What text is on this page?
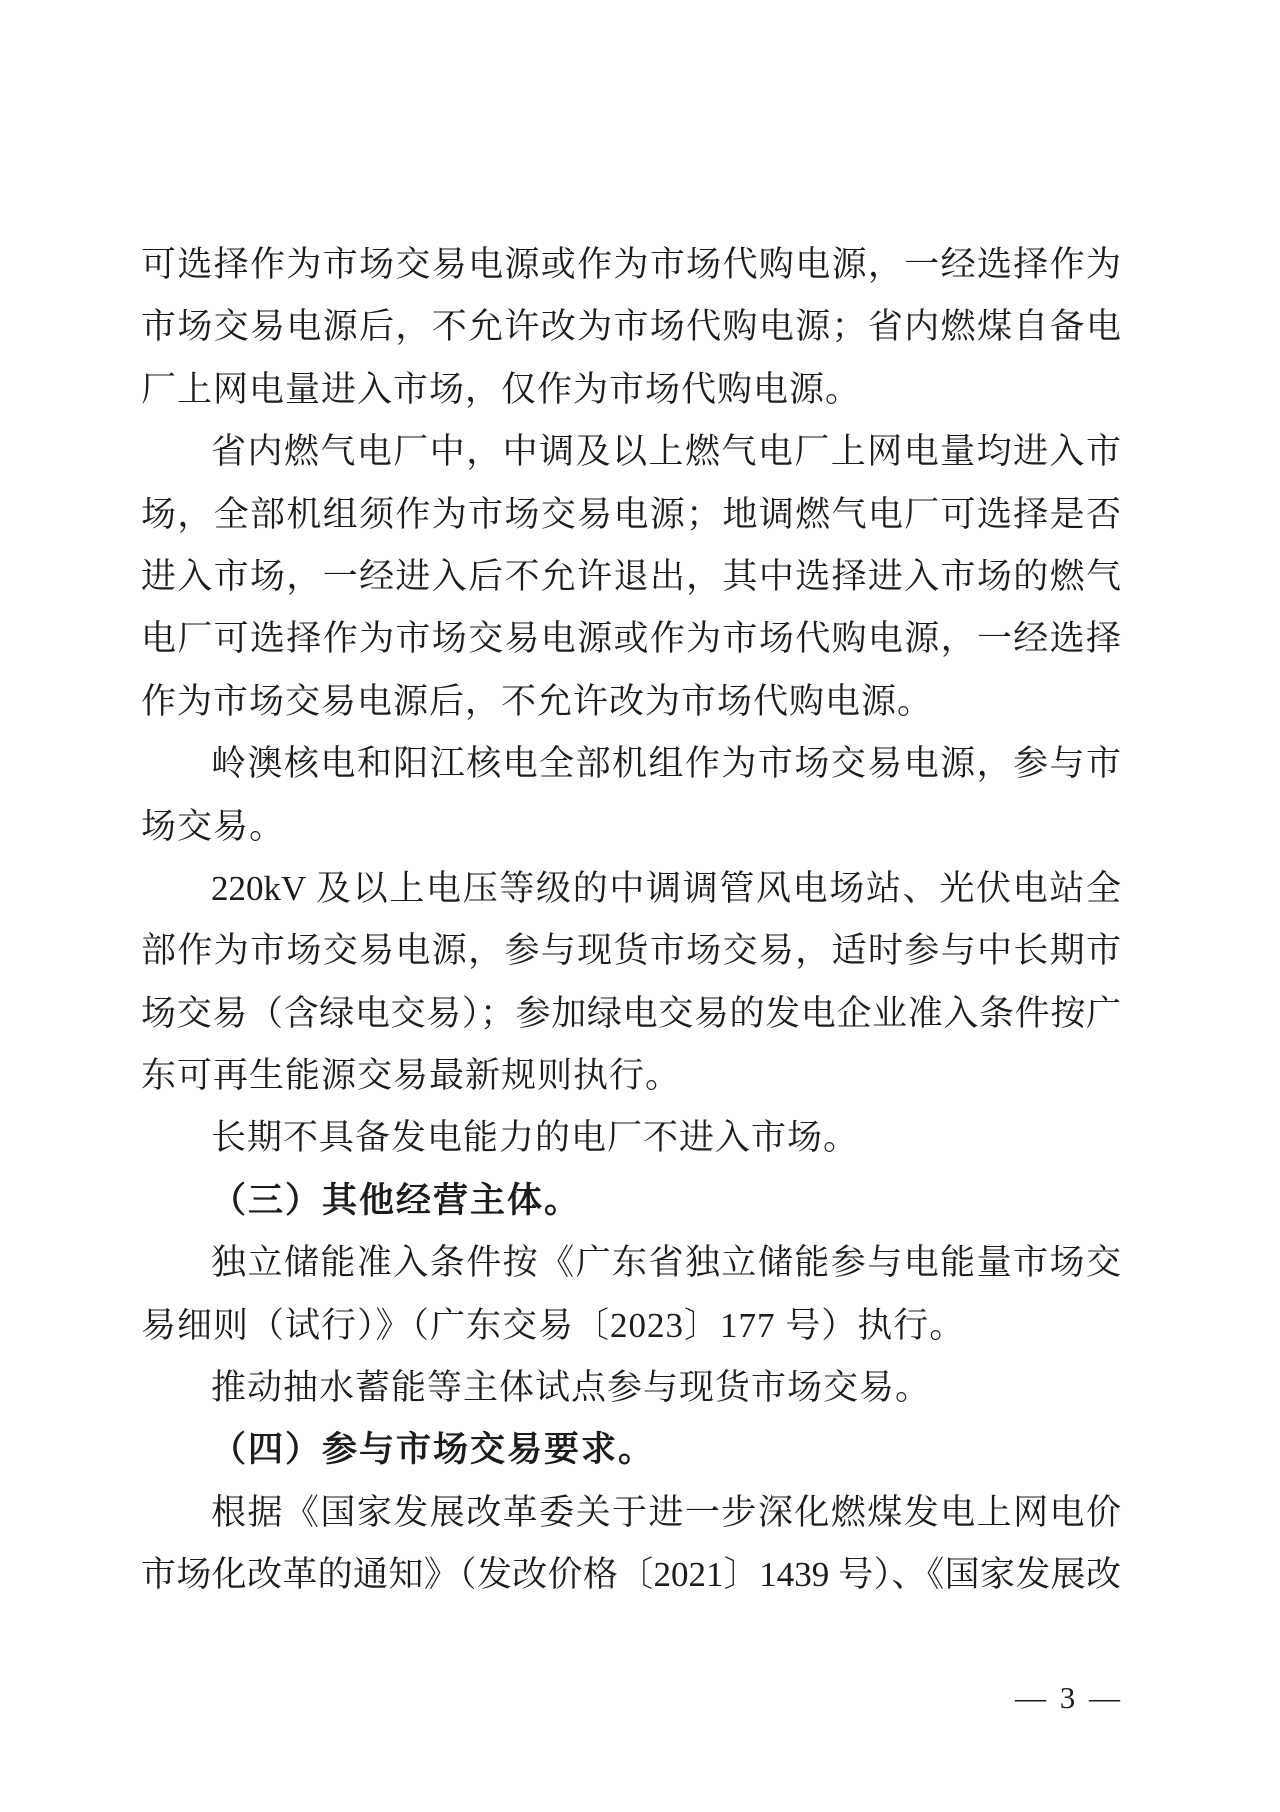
可选择作为市场交易电源或作为市场代购电源，一经选择作为
市场交易电源后，不允许改为市场代购电源；省内燃煤自备电
厂上网电量进入市场，仅作为市场代购电源。
省内燃气电厂中，中调及以上燃气电厂上网电量均进入市
场，全部机组须作为市场交易电源；地调燃气电厂可选择是否
进入市场，一经进入后不允许退出，其中选择进入市场的燃气
电厂可选择作为市场交易电源或作为市场代购电源，一经选择
作为市场交易电源后，不允许改为市场代购电源。
岭澳核电和阳江核电全部机组作为市场交易电源，参与市
场交易。
220kV 及以上电压等级的中调调管风电场站、光伏电站全
部作为市场交易电源，参与现货市场交易，适时参与中长期市
场交易（含绿电交易）；参加绿电交易的发电企业准入条件按广
东可再生能源交易最新规则执行。
长期不具备发电能力的电厂不进入市场。
（三）其他经营主体。
独立储能准入条件按《广东省独立储能参与电能量市场交
易细则（试行）》（广东交易〔2023〕177 号）执行。
推动抽水蓄能等主体试点参与现货市场交易。
（四）参与市场交易要求。
根据《国家发展改革委关于进一步深化燃煤发电上网电价
市场化改革的通知》（发改价格〔2021〕1439 号）、《国家发展改
— 3 —
